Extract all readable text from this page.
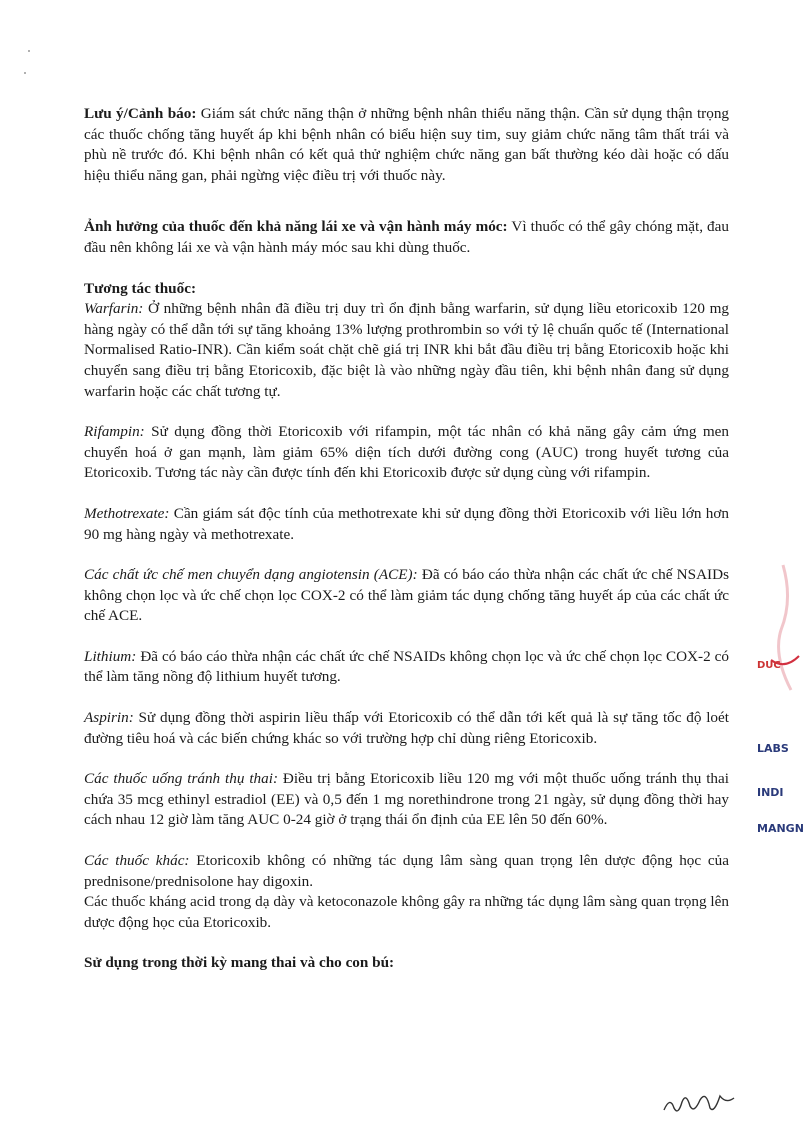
Lưu ý/Cảnh báo: Giám sát chức năng thận ở những bệnh nhân thiểu năng thận. Cần sử dụng thận trọng các thuốc chống tăng huyết áp khi bệnh nhân có biểu hiện suy tim, suy giảm chức năng tâm thất trái và phù nề trước đó. Khi bệnh nhân có kết quả thử nghiệm chức năng gan bất thường kéo dài hoặc có dấu hiệu thiểu năng gan, phải ngừng việc điều trị với thuốc này.

Ảnh hưởng của thuốc đến khả năng lái xe và vận hành máy móc: Vì thuốc có thể gây chóng mặt, đau đầu nên không lái xe và vận hành máy móc sau khi dùng thuốc.

Tương tác thuốc:

Warfarin: Ở những bệnh nhân đã điều trị duy trì ổn định bằng warfarin, sử dụng liều etoricoxib 120 mg hàng ngày có thể dẫn tới sự tăng khoảng 13% lượng prothrombin so với tỷ lệ chuẩn quốc tế (International Normalised Ratio-INR). Cần kiểm soát chặt chẽ giá trị INR khi bắt đầu điều trị bằng Etoricoxib hoặc khi chuyển sang điều trị bằng Etoricoxib, đặc biệt là vào những ngày đầu tiên, khi bệnh nhân đang sử dụng warfarin hoặc các chất tương tự.

Rifampin: Sử dụng đồng thời Etoricoxib với rifampin, một tác nhân có khả năng gây cảm ứng men chuyển hoá ở gan mạnh, làm giảm 65% diện tích dưới đường cong (AUC) trong huyết tương của Etoricoxib. Tương tác này cần được tính đến khi Etoricoxib được sử dụng cùng với rifampin.

Methotrexate: Cần giám sát độc tính của methotrexate khi sử dụng đồng thời Etoricoxib với liều lớn hơn 90 mg hàng ngày và methotrexate.

Các chất ức chế men chuyển dạng angiotensin (ACE): Đã có báo cáo thừa nhận các chất ức chế NSAIDs không chọn lọc và ức chế chọn lọc COX-2 có thể làm giảm tác dụng chống tăng huyết áp của các chất ức chế ACE.

Lithium: Đã có báo cáo thừa nhận các chất ức chế NSAIDs không chọn lọc và ức chế chọn lọc COX-2 có thể làm tăng nồng độ lithium huyết tương.

Aspirin: Sử dụng đồng thời aspirin liều thấp với Etoricoxib có thể dẫn tới kết quả là sự tăng tốc độ loét đường tiêu hoá và các biến chứng khác so với trường hợp chỉ dùng riêng Etoricoxib.

Các thuốc uống tránh thụ thai: Điều trị bằng Etoricoxib liều 120 mg với một thuốc uống tránh thụ thai chứa 35 mcg ethinyl estradiol (EE) và 0,5 đến 1 mg norethindrone trong 21 ngày, sử dụng đồng thời hay cách nhau 12 giờ làm tăng AUC 0-24 giờ ở trạng thái ổn định của EE lên 50 đến 60%.

Các thuốc khác: Etoricoxib không có những tác dụng lâm sàng quan trọng lên dược động học của prednisone/prednisolone hay digoxin.

Các thuốc kháng acid trong dạ dày và ketoconazole không gây ra những tác dụng lâm sàng quan trọng lên dược động học của Etoricoxib.

Sử dụng trong thời kỳ mang thai và cho con bú:

DUC
LABS
INDI
MANGN
